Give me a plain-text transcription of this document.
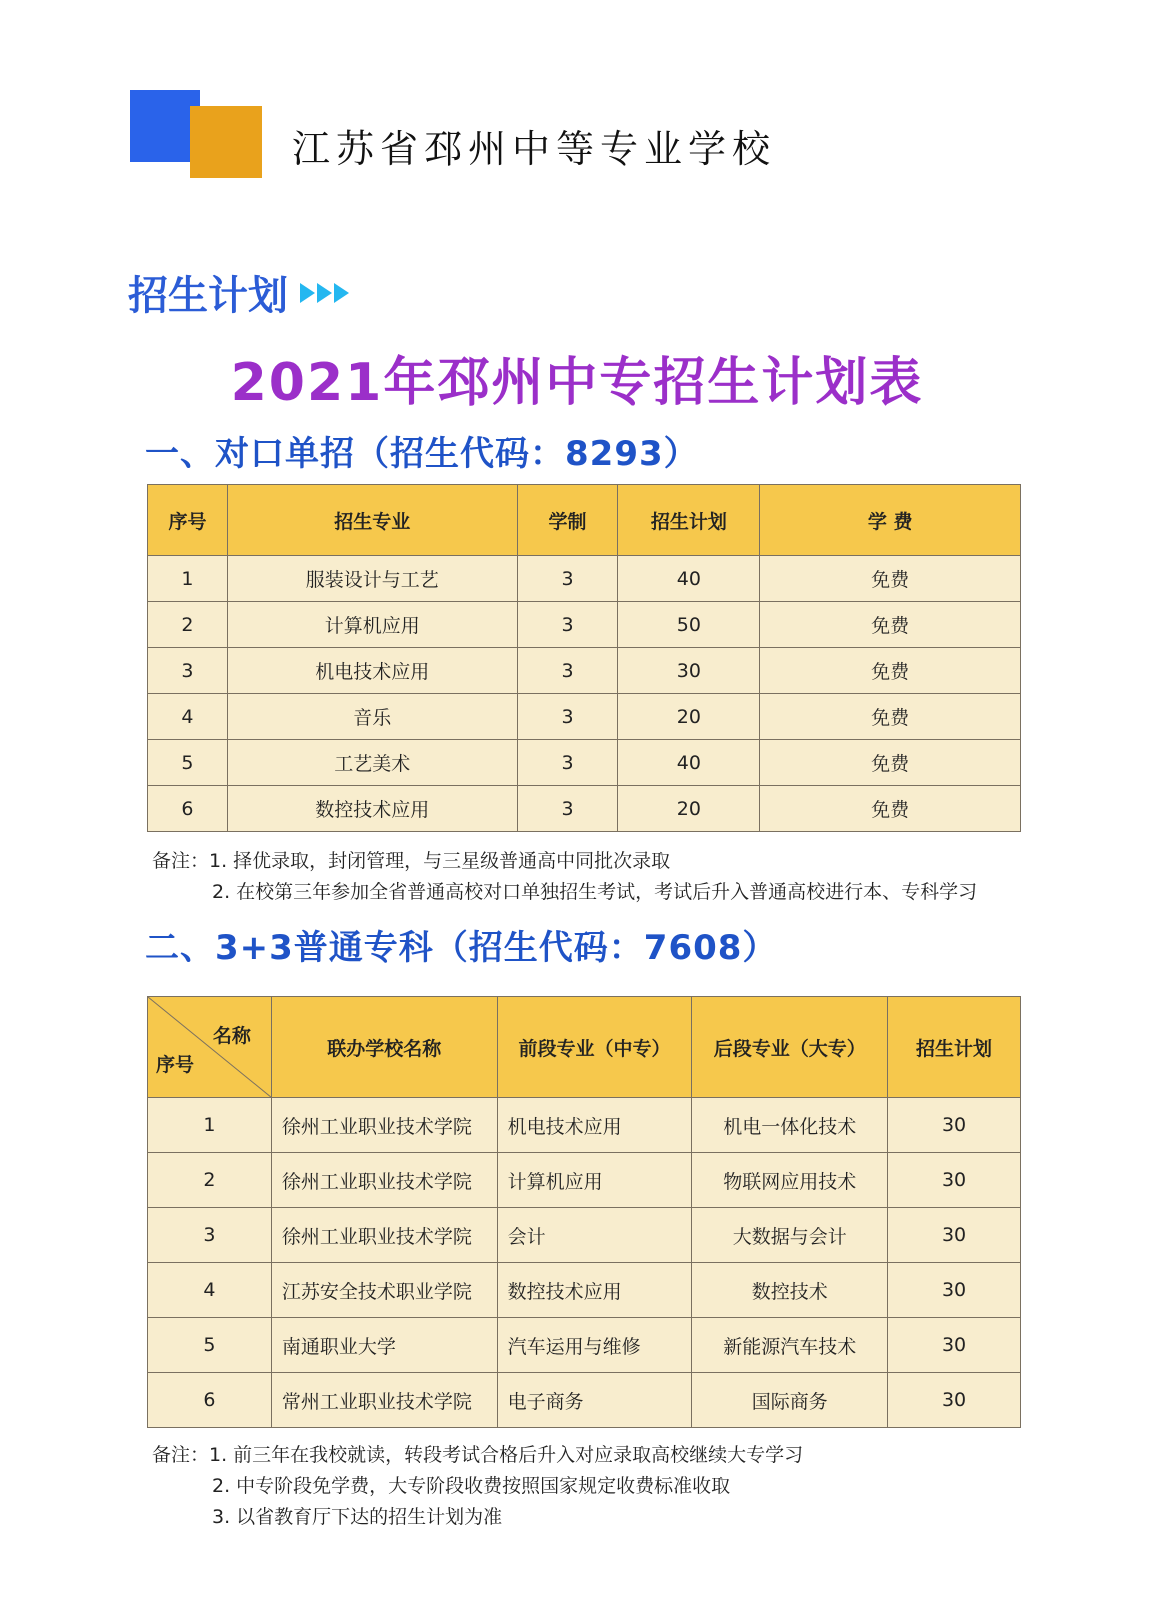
江苏省邳州中等专业学校
招生计划
2021年邳州中专招生计划表
一、对口单招（招生代码：8293）
序号	招生专业	学制	招生计划	学 费
1	服装设计与工艺	3	40	免费
2	计算机应用	3	50	免费
3	机电技术应用	3	30	免费
4	音乐	3	20	免费
5	工艺美术	3	40	免费
6	数控技术应用	3	20	免费
备注：1. 择优录取，封闭管理，与三星级普通高中同批次录取
2. 在校第三年参加全省普通高校对口单独招生考试，考试后升入普通高校进行本、专科学习
二、3+3普通专科（招生代码：7608）
名称
序号	联办学校名称	前段专业（中专）	后段专业（大专）	招生计划
1	徐州工业职业技术学院	机电技术应用	机电一体化技术	30
2	徐州工业职业技术学院	计算机应用	物联网应用技术	30
3	徐州工业职业技术学院	会计	大数据与会计	30
4	江苏安全技术职业学院	数控技术应用	数控技术	30
5	南通职业大学	汽车运用与维修	新能源汽车技术	30
6	常州工业职业技术学院	电子商务	国际商务	30
备注：1. 前三年在我校就读，转段考试合格后升入对应录取高校继续大专学习
2. 中专阶段免学费，大专阶段收费按照国家规定收费标准收取
3. 以省教育厅下达的招生计划为准
